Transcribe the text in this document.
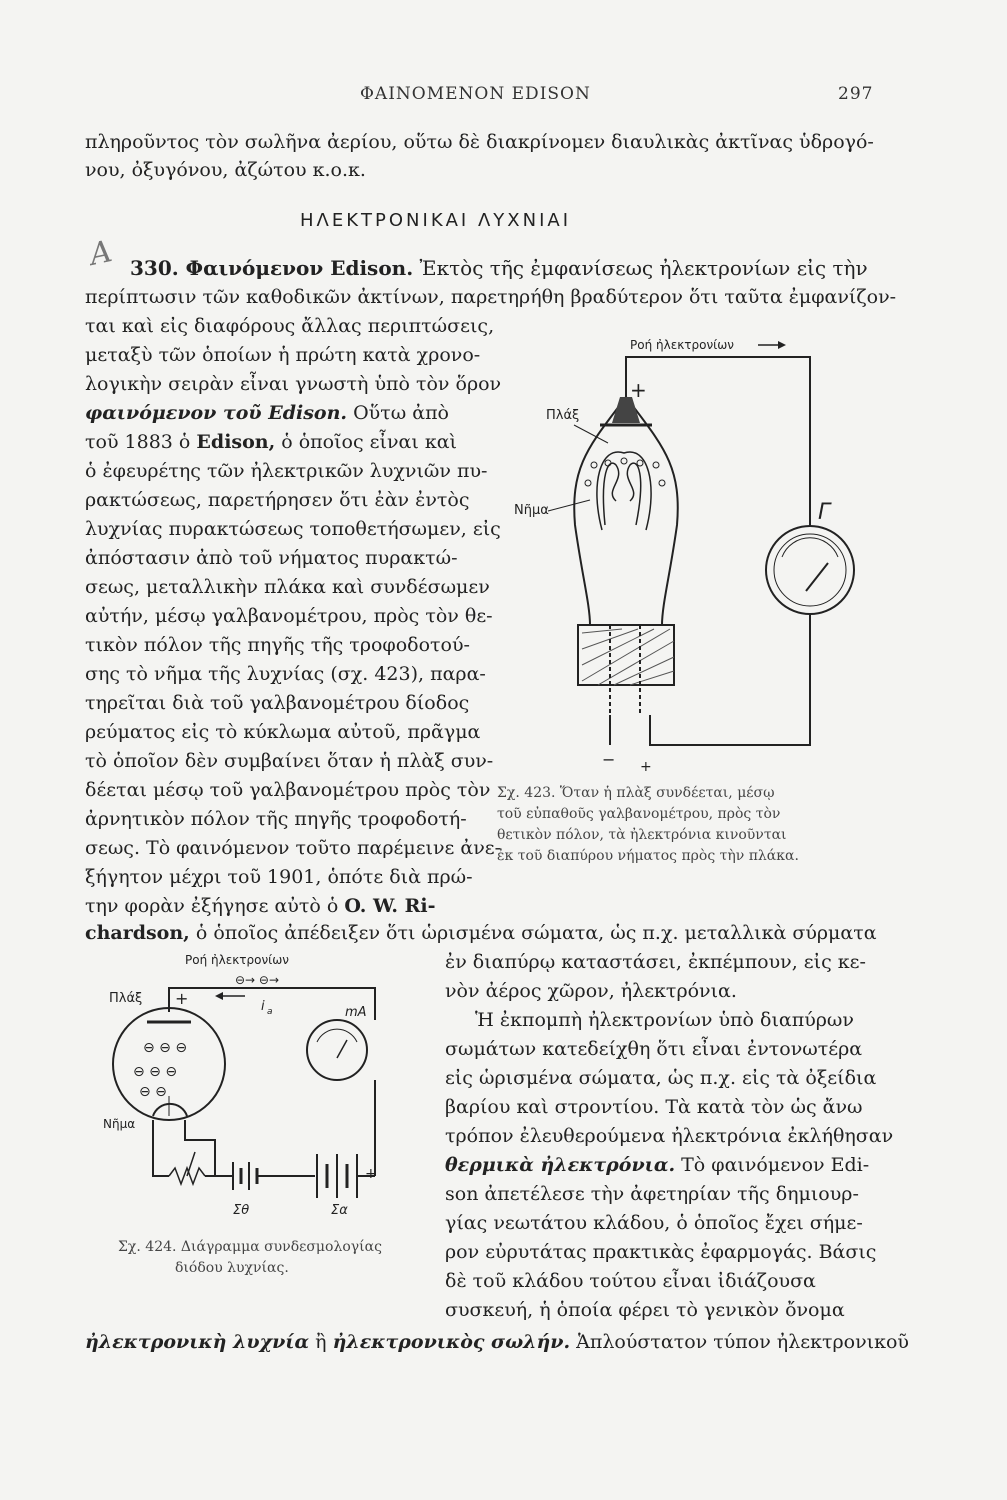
ΦΑΙΝΟΜΕΝΟΝ EDISON	297
πληροῦντος τὸν σωλῆνα ἀερίου, οὕτω δὲ διακρίνομεν διαυλικὰς ἀκτῖνας ὑδρογό-
νου, ὀξυγόνου, ἀζώτου κ.ο.κ.
ΗΛΕΚΤΡΟΝΙΚΑΙ ΛΥΧΝΙΑΙ
A 330. Φαινόμενον Edison. Ἐκτὸς τῆς ἐμφανίσεως ἠλεκτρονίων εἰς τὴν
περίπτωσιν τῶν καθοδικῶν ἀκτίνων, παρετηρήθη βραδύτερον ὅτι ταῦτα ἐμφανίζον-
ται καὶ εἰς διαφόρους ἄλλας περιπτώσεις,
μεταξὺ τῶν ὁποίων ἡ πρώτη κατὰ χρονο-
λογικὴν σειρὰν εἶναι γνωστὴ ὑπὸ τὸν ὅρον
φαινόμενον τοῦ Edison. Οὕτω ἀπὸ
τοῦ 1883 ὁ Edison, ὁ ὁποῖος εἶναι καὶ
ὁ ἐφευρέτης τῶν ἠλεκτρικῶν λυχνιῶν πυ-
ρακτώσεως, παρετήρησεν ὅτι ἐὰν ἐντὸς
λυχνίας πυρακτώσεως τοποθετήσωμεν, εἰς
ἀπόστασιν ἀπὸ τοῦ νήματος πυρακτώ-
σεως, μεταλλικὴν πλάκα καὶ συνδέσωμεν
αὐτήν, μέσῳ γαλβανομέτρου, πρὸς τὸν θε-
τικὸν πόλον τῆς πηγῆς τῆς τροφοδοτού-
σης τὸ νῆμα τῆς λυχνίας (σχ. 423), παρα-
τηρεῖται διὰ τοῦ γαλβανομέτρου δίοδος
ρεύματος εἰς τὸ κύκλωμα αὐτοῦ, πρᾶγμα
τὸ ὁποῖον δὲν συμβαίνει ὅταν ἡ πλὰξ συν-
δέεται μέσῳ τοῦ γαλβανομέτρου πρὸς τὸν
ἀρνητικὸν πόλον τῆς πηγῆς τροφοδοτή-
σεως. Τὸ φαινόμενον τοῦτο παρέμεινε ἀνε-
ξήγητον μέχρι τοῦ 1901, ὁπότε διὰ πρώ-
την φορὰν ἐξήγησε αὐτὸ ὁ O. W. Ri-
chardson, ὁ ὁποῖος ἀπέδειξεν ὅτι ὡρισμένα σώματα, ὡς π.χ. μεταλλικὰ σύρματα
ἐν διαπύρῳ καταστάσει, ἐκπέμπουν, εἰς κε-
νὸν ἀέρος χῶρον, ἠλεκτρόνια.
Ἡ ἐκπομπὴ ἠλεκτρονίων ὑπὸ διαπύρων
σωμάτων κατεδείχθη ὅτι εἶναι ἐντονωτέρα
εἰς ὡρισμένα σώματα, ὡς π.χ. εἰς τὰ ὀξείδια
βαρίου καὶ στροντίου. Τὰ κατὰ τὸν ὡς ἄνω
τρόπον ἐλευθερούμενα ἠλεκτρόνια ἐκλήθησαν
θερμικὰ ἠλεκτρόνια. Τὸ φαινόμενον Edi-
son ἀπετέλεσε τὴν ἀφετηρίαν τῆς δημιουρ-
γίας νεωτάτου κλάδου, ὁ ὁποῖος ἔχει σήμε-
ρον εὐρυτάτας πρακτικὰς ἐφαρμογάς. Βάσις
δὲ τοῦ κλάδου τούτου εἶναι ἰδιάζουσα
συσκευή, ἡ ὁποία φέρει τὸ γενικὸν ὄνομα
ἠλεκτρονικὴ λυχνία ἢ ἠλεκτρονικὸς σωλήν. Ἁπλούστατον τύπον ἠλεκτρονικοῦ
Ροή ἠλεκτρονίων
+
Πλάξ
Νῆμα
− +
Γ
Σχ. 423. Ὅταν ἡ πλὰξ συνδέεται, μέσῳ
τοῦ εὐπαθοῦς γαλβανομέτρου, πρὸς τὸν
θετικὸν πόλον, τὰ ἠλεκτρόνια κινοῦνται
ἐκ τοῦ διαπύρου νήματος πρὸς τὴν πλάκα.
Ροή ἠλεκτρονίων
⊖→ ⊖→
Πλάξ +	i a
⊖ ⊖ ⊖
⊖ ⊖ ⊖
⊖ ⊖
Νῆμα
mA
+
Σθ	Σα
Σχ. 424. Διάγραμμα συνδεσμολογίας
διόδου λυχνίας.
